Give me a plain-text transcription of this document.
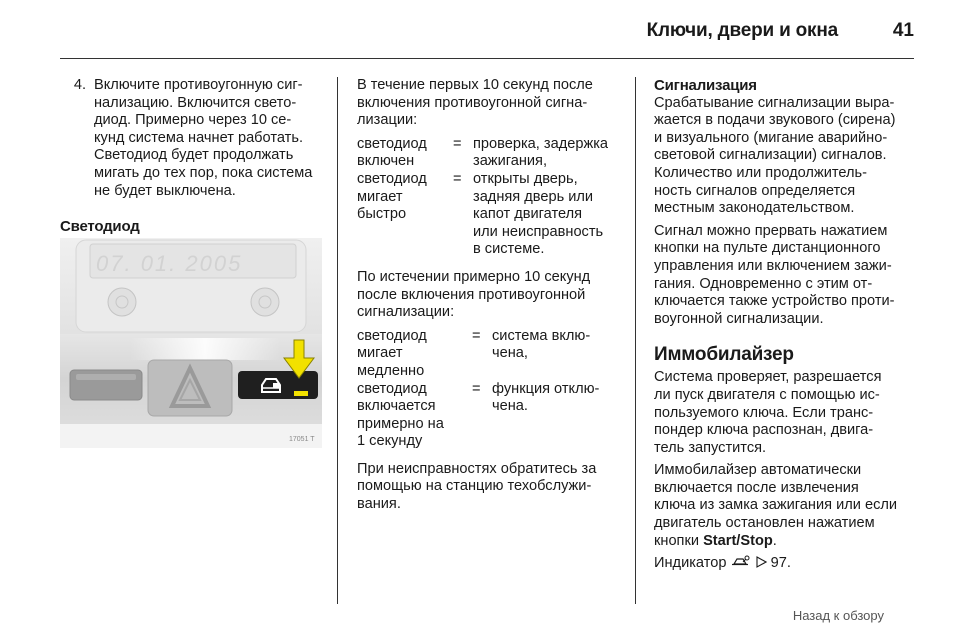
Ключи, двери и окна	41
4. Включите противоугонную сиг-
нализацию. Включится свето-
диод. Примерно через 10 се-
кунд система начнет работать.
Светодиод будет продолжать
мигать до тех пор, пока система
не будет выключена.
Светодиод
07. 01. 2005
17051 T

В течение первых 10 секунд после
включения противоугонной сигна-
лизации:

светодиод
включен
= проверка, задержка
зажигания,
светодиод
мигает
быстро
= открыты дверь,
задняя дверь или
капот двигателя
или неисправность
в системе.

По истечении примерно 10 секунд
после включения противоугонной
сигнализации:

светодиод
мигает
медленно
= система вклю-
чена,
светодиод
включается
примерно на
1 секунду
= функция отклю-
чена.

При неисправностях обратитесь за
помощью на станцию техобслужи-
вания.

Сигнализация

Срабатывание сигнализации выра-
жается в подачи звукового (сирена)
и визуального (мигание аварийно-
световой сигнализации) сигналов.
Количество или продолжитель-
ность сигналов определяется
местным законодательством.

Сигнал можно прервать нажатием
кнопки на пульте дистанционного
управления или включением зажи-
гания. Одновременно с этим от-
ключается также устройство проти-
воугонной сигнализации.

Иммобилайзер

Система проверяет, разрешается
ли пуск двигателя с помощью ис-
пользуемого ключа. Если транс-
пондер ключа распознан, двига-
тель запустится.

Иммобилайзер автоматически
включается после извлечения
ключа из замка зажигания или если
двигатель остановлен нажатием
кнопки Start/Stop.

Индикатор	97.

Назад к обзору
